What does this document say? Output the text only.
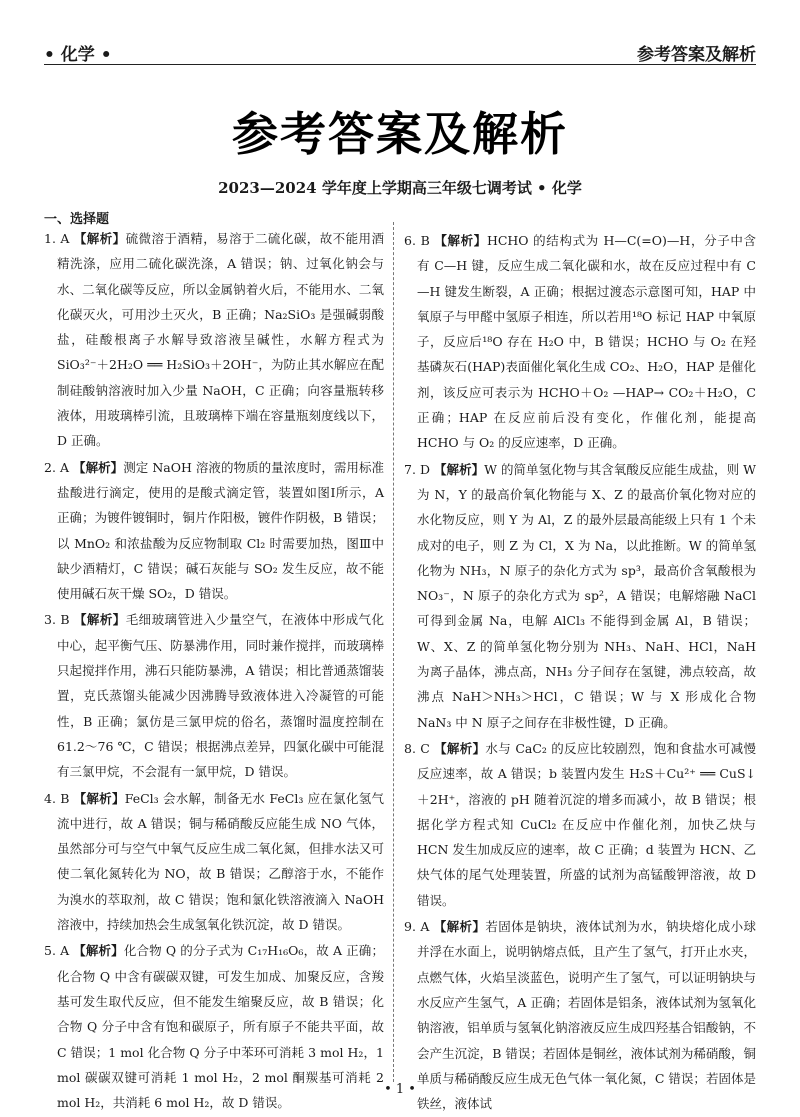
• 化学 •	参考答案及解析
参考答案及解析
2023—2024 学年度上学期高三年级七调考试 • 化学
一、选择题

1. A 【解析】硫微溶于酒精，易溶于二硫化碳，故不能用酒精洗涤，应用二硫化碳洗涤，A 错误；钠、过氧化钠会与水、二氧化碳等反应，所以金属钠着火后，不能用水、二氧化碳灭火，可用沙土灭火，B 正确；Na₂SiO₃ 是强碱弱酸盐，硅酸根离子水解导致溶液呈碱性，水解方程式为 SiO₃²⁻＋2H₂O ══ H₂SiO₃＋2OH⁻，为防止其水解应在配制硅酸钠溶液时加入少量 NaOH，C 正确；向容量瓶转移液体，用玻璃棒引流，且玻璃棒下端在容量瓶刻度线以下，D 正确。

2. A 【解析】测定 NaOH 溶液的物质的量浓度时，需用标准盐酸进行滴定，使用的是酸式滴定管，装置如图Ⅰ所示，A 正确；为镀件镀铜时，铜片作阳极，镀件作阴极，B 错误；以 MnO₂ 和浓盐酸为反应物制取 Cl₂ 时需要加热，图Ⅲ中缺少酒精灯，C 错误；碱石灰能与 SO₂ 发生反应，故不能使用碱石灰干燥 SO₂，D 错误。

3. B 【解析】毛细玻璃管进入少量空气，在液体中形成气化中心，起平衡气压、防暴沸作用，同时兼作搅拌，而玻璃棒只起搅拌作用，沸石只能防暴沸，A 错误；相比普通蒸馏装置，克氏蒸馏头能减少因沸腾导致液体进入冷凝管的可能性，B 正确；氯仿是三氯甲烷的俗名，蒸馏时温度控制在 61.2～76 ℃，C 错误；根据沸点差异，四氯化碳中可能混有三氯甲烷，不会混有一氯甲烷，D 错误。

4. B 【解析】FeCl₃ 会水解，制备无水 FeCl₃ 应在氯化氢气流中进行，故 A 错误；铜与稀硝酸反应能生成 NO 气体，虽然部分可与空气中氧气反应生成二氧化氮，但排水法又可使二氧化氮转化为 NO，故 B 错误；乙醇溶于水，不能作为溴水的萃取剂，故 C 错误；饱和氯化铁溶液滴入 NaOH 溶液中，持续加热会生成氢氧化铁沉淀，故 D 错误。

5. A 【解析】化合物 Q 的分子式为 C₁₇H₁₆O₆，故 A 正确；化合物 Q 中含有碳碳双键，可发生加成、加聚反应，含羧基可发生取代反应，但不能发生缩聚反应，故 B 错误；化合物 Q 分子中含有饱和碳原子，所有原子不能共平面，故 C 错误；1 mol 化合物 Q 分子中苯环可消耗 3 mol H₂，1 mol 碳碳双键可消耗 1 mol H₂，2 mol 酮羰基可消耗 2 mol H₂，共消耗 6 mol H₂，故 D 错误。

6. B 【解析】HCHO 的结构式为 H—C(=O)—H，分子中含有 C—H 键，反应生成二氧化碳和水，故在反应过程中有 C—H 键发生断裂，A 正确；根据过渡态示意图可知，HAP 中氧原子与甲醛中氢原子相连，所以若用¹⁸O 标记 HAP 中氧原子，反应后¹⁸O 存在 H₂O 中，B 错误；HCHO 与 O₂ 在羟基磷灰石(HAP)表面催化氧化生成 CO₂、H₂O，HAP 是催化剂，该反应可表示为 HCHO＋O₂ —HAP→ CO₂＋H₂O，C 正确；HAP 在反应前后没有变化，作催化剂，能提高 HCHO 与 O₂ 的反应速率，D 正确。

7. D 【解析】W 的简单氢化物与其含氧酸反应能生成盐，则 W 为 N，Y 的最高价氧化物能与 X、Z 的最高价氧化物对应的水化物反应，则 Y 为 Al，Z 的最外层最高能级上只有 1 个未成对的电子，则 Z 为 Cl，X 为 Na，以此推断。W 的简单氢化物为 NH₃，N 原子的杂化方式为 sp³，最高价含氧酸根为 NO₃⁻，N 原子的杂化方式为 sp²，A 错误；电解熔融 NaCl 可得到金属 Na，电解 AlCl₃ 不能得到金属 Al，B 错误；W、X、Z 的简单氢化物分别为 NH₃、NaH、HCl，NaH 为离子晶体，沸点高，NH₃ 分子间存在氢键，沸点较高，故沸点 NaH＞NH₃＞HCl，C 错误；W 与 X 形成化合物 NaN₃ 中 N 原子之间存在非极性键，D 正确。

8. C 【解析】水与 CaC₂ 的反应比较剧烈，饱和食盐水可减慢反应速率，故 A 错误；b 装置内发生 H₂S＋Cu²⁺ ══ CuS↓＋2H⁺，溶液的 pH 随着沉淀的增多而减小，故 B 错误；根据化学方程式知 CuCl₂ 在反应中作催化剂，加快乙炔与 HCN 发生加成反应的速率，故 C 正确；d 装置为 HCN、乙炔气体的尾气处理装置，所盛的试剂为高锰酸钾溶液，故 D 错误。

9. A 【解析】若固体是钠块，液体试剂为水，钠块熔化成小球并浮在水面上，说明钠熔点低，且产生了氢气，打开止水夹，点燃气体，火焰呈淡蓝色，说明产生了氢气，可以证明钠块与水反应产生氢气，A 正确；若固体是铝条，液体试剂为氢氧化钠溶液，铝单质与氢氧化钠溶液反应生成四羟基合铝酸钠，不会产生沉淀，B 错误；若固体是铜丝，液体试剂为稀硝酸，铜单质与稀硝酸反应生成无色气体一氧化氮，C 错误；若固体是铁丝，液体试

• 1 •
